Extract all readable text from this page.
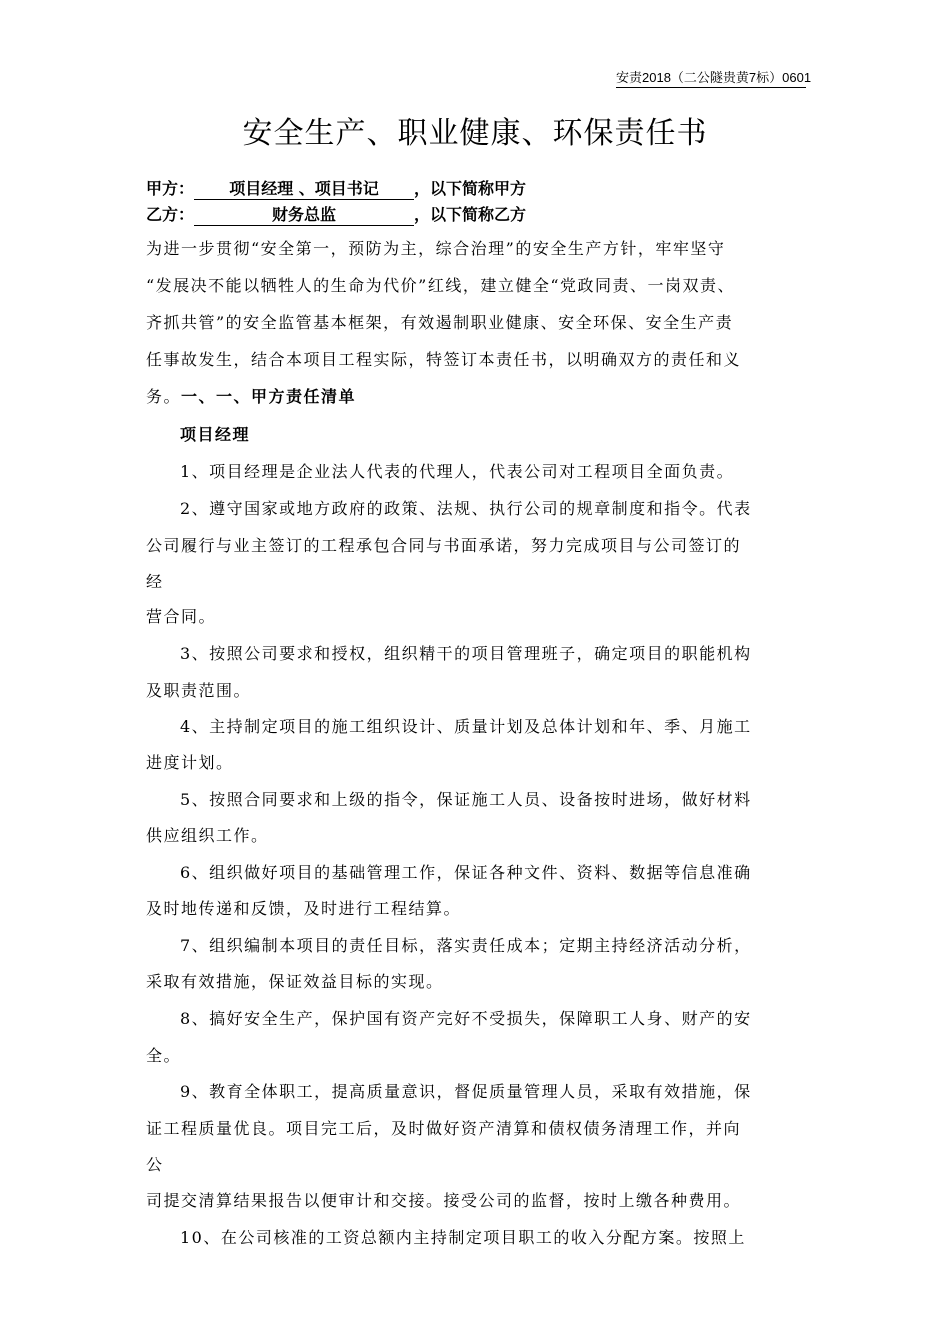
安责2018（二公隧贵黄7标）0601
安全生产、职业健康、环保责任书
甲方： 项目经理 、项目书记 ，以下简称甲方
乙方：	财务总监	，以下简称乙方
为进一步贯彻“安全第一，预防为主，综合治理”的安全生产方针，牢牢坚守
“发展决不能以牺牲人的生命为代价”红线，建立健全“党政同责、一岗双责、
齐抓共管”的安全监管基本框架，有效遏制职业健康、安全环保、安全生产责
任事故发生，结合本项目工程实际，特签订本责任书，以明确双方的责任和义
务。一、一、甲方责任清单
项目经理
1、项目经理是企业法人代表的代理人，代表公司对工程项目全面负责。
2、遵守国家或地方政府的政策、法规、执行公司的规章制度和指令。代表
公司履行与业主签订的工程承包合同与书面承诺，努力完成项目与公司签订的
经
营合同。
3、按照公司要求和授权，组织精干的项目管理班子，确定项目的职能机构
及职责范围。
4、主持制定项目的施工组织设计、质量计划及总体计划和年、季、月施工
进度计划。
5、按照合同要求和上级的指令，保证施工人员、设备按时进场，做好材料
供应组织工作。
6、组织做好项目的基础管理工作，保证各种文件、资料、数据等信息准确
及时地传递和反馈，及时进行工程结算。
7、组织编制本项目的责任目标，落实责任成本；定期主持经济活动分析，
采取有效措施，保证效益目标的实现。
8、搞好安全生产，保护国有资产完好不受损失，保障职工人身、财产的安
全。
9、教育全体职工，提高质量意识，督促质量管理人员，采取有效措施，保
证工程质量优良。项目完工后，及时做好资产清算和债权债务清理工作，并向
公
司提交清算结果报告以便审计和交接。接受公司的监督，按时上缴各种费用。
10、在公司核准的工资总额内主持制定项目职工的收入分配方案。按照上
